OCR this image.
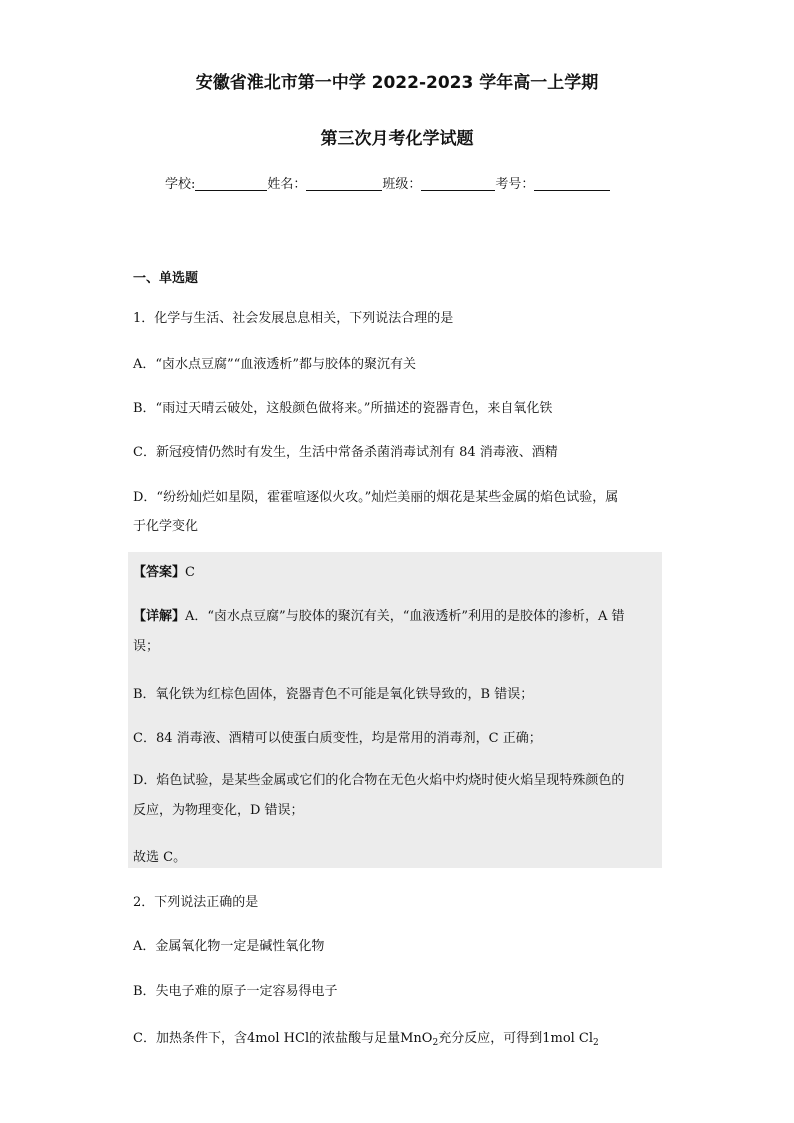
安徽省淮北市第一中学 2022-2023 学年高一上学期
第三次月考化学试题
学校:	姓名：	班级：	考号：
一、单选题
1．化学与生活、社会发展息息相关，下列说法合理的是
A．“卤水点豆腐”“血液透析”都与胶体的聚沉有关
B．“雨过天晴云破处，这般颜色做将来。”所描述的瓷器青色，来自氧化铁
C．新冠疫情仍然时有发生，生活中常备杀菌消毒试剂有 84 消毒液、酒精
D．“纷纷灿烂如星陨，霍霍喧逐似火攻。”灿烂美丽的烟花是某些金属的焰色试验，属
于化学变化
【答案】C
【详解】A．“卤水点豆腐”与胶体的聚沉有关，“血液透析”利用的是胶体的渗析，A 错
误；
B．氧化铁为红棕色固体，瓷器青色不可能是氧化铁导致的，B 错误；
C．84 消毒液、酒精可以使蛋白质变性，均是常用的消毒剂，C 正确；
D．焰色试验，是某些金属或它们的化合物在无色火焰中灼烧时使火焰呈现特殊颜色的
反应，为物理变化，D 错误；
故选 C。
2．下列说法正确的是
A．金属氧化物一定是碱性氧化物
B．失电子难的原子一定容易得电子
C．加热条件下，含4mol HCl的浓盐酸与足量MnO$_2$充分反应，可得到1mol $Cl_2$
